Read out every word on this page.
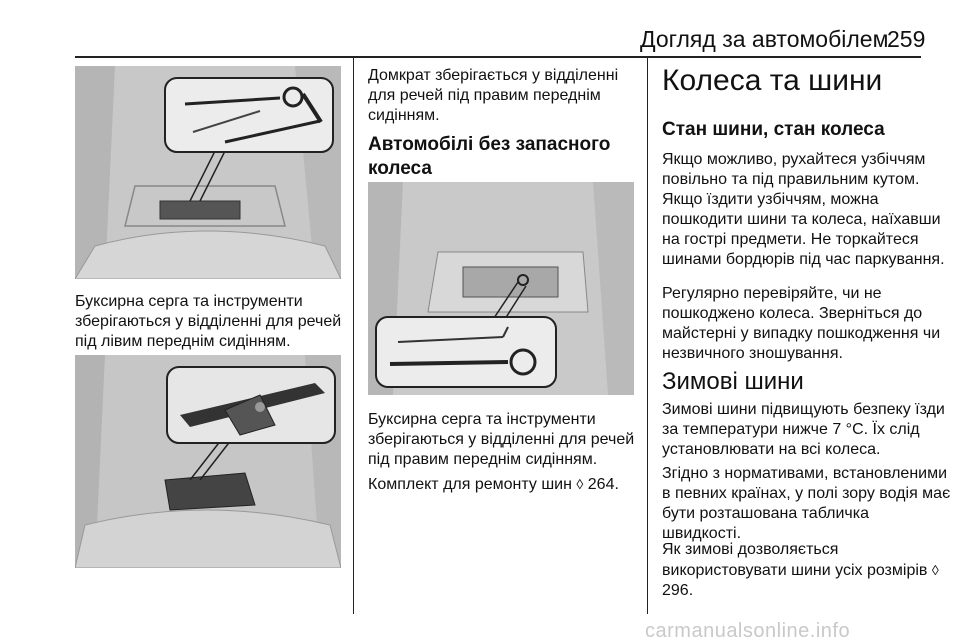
Догляд за автомобілем
259
Буксирна серга та інструменти зберігаються у відділенні для речей під лівим переднім сидінням.
Домкрат зберігається у відділенні для речей під правим переднім сидінням.
Автомобілі без запасного колеса
Буксирна серга та інструменти зберігаються у відділенні для речей під правим переднім сидінням.
Комплект для ремонту шин ◊ 264.
Колеса та шини
Стан шини, стан колеса
Якщо можливо, рухайтеся узбіччям повільно та під правильним кутом. Якщо їздити узбіччям, можна пошкодити шини та колеса, наїхавши на гострі предмети. Не торкайтеся шинами бордюрів під час паркування.
Регулярно перевіряйте, чи не пошкоджено колеса. Зверніться до майстерні у випадку пошкодження чи незвичного зношування.
Зимові шини
Зимові шини підвищують безпеку їзди за температури нижче 7 °C. Їх слід установлювати на всі колеса.
Згідно з нормативами, встановленими в певних країнах, у полі зору водія має бути розташована табличка швидкості.
Як зимові дозволяється використовувати шини усіх розмірів ◊ 296.
carmanualsonline.info
